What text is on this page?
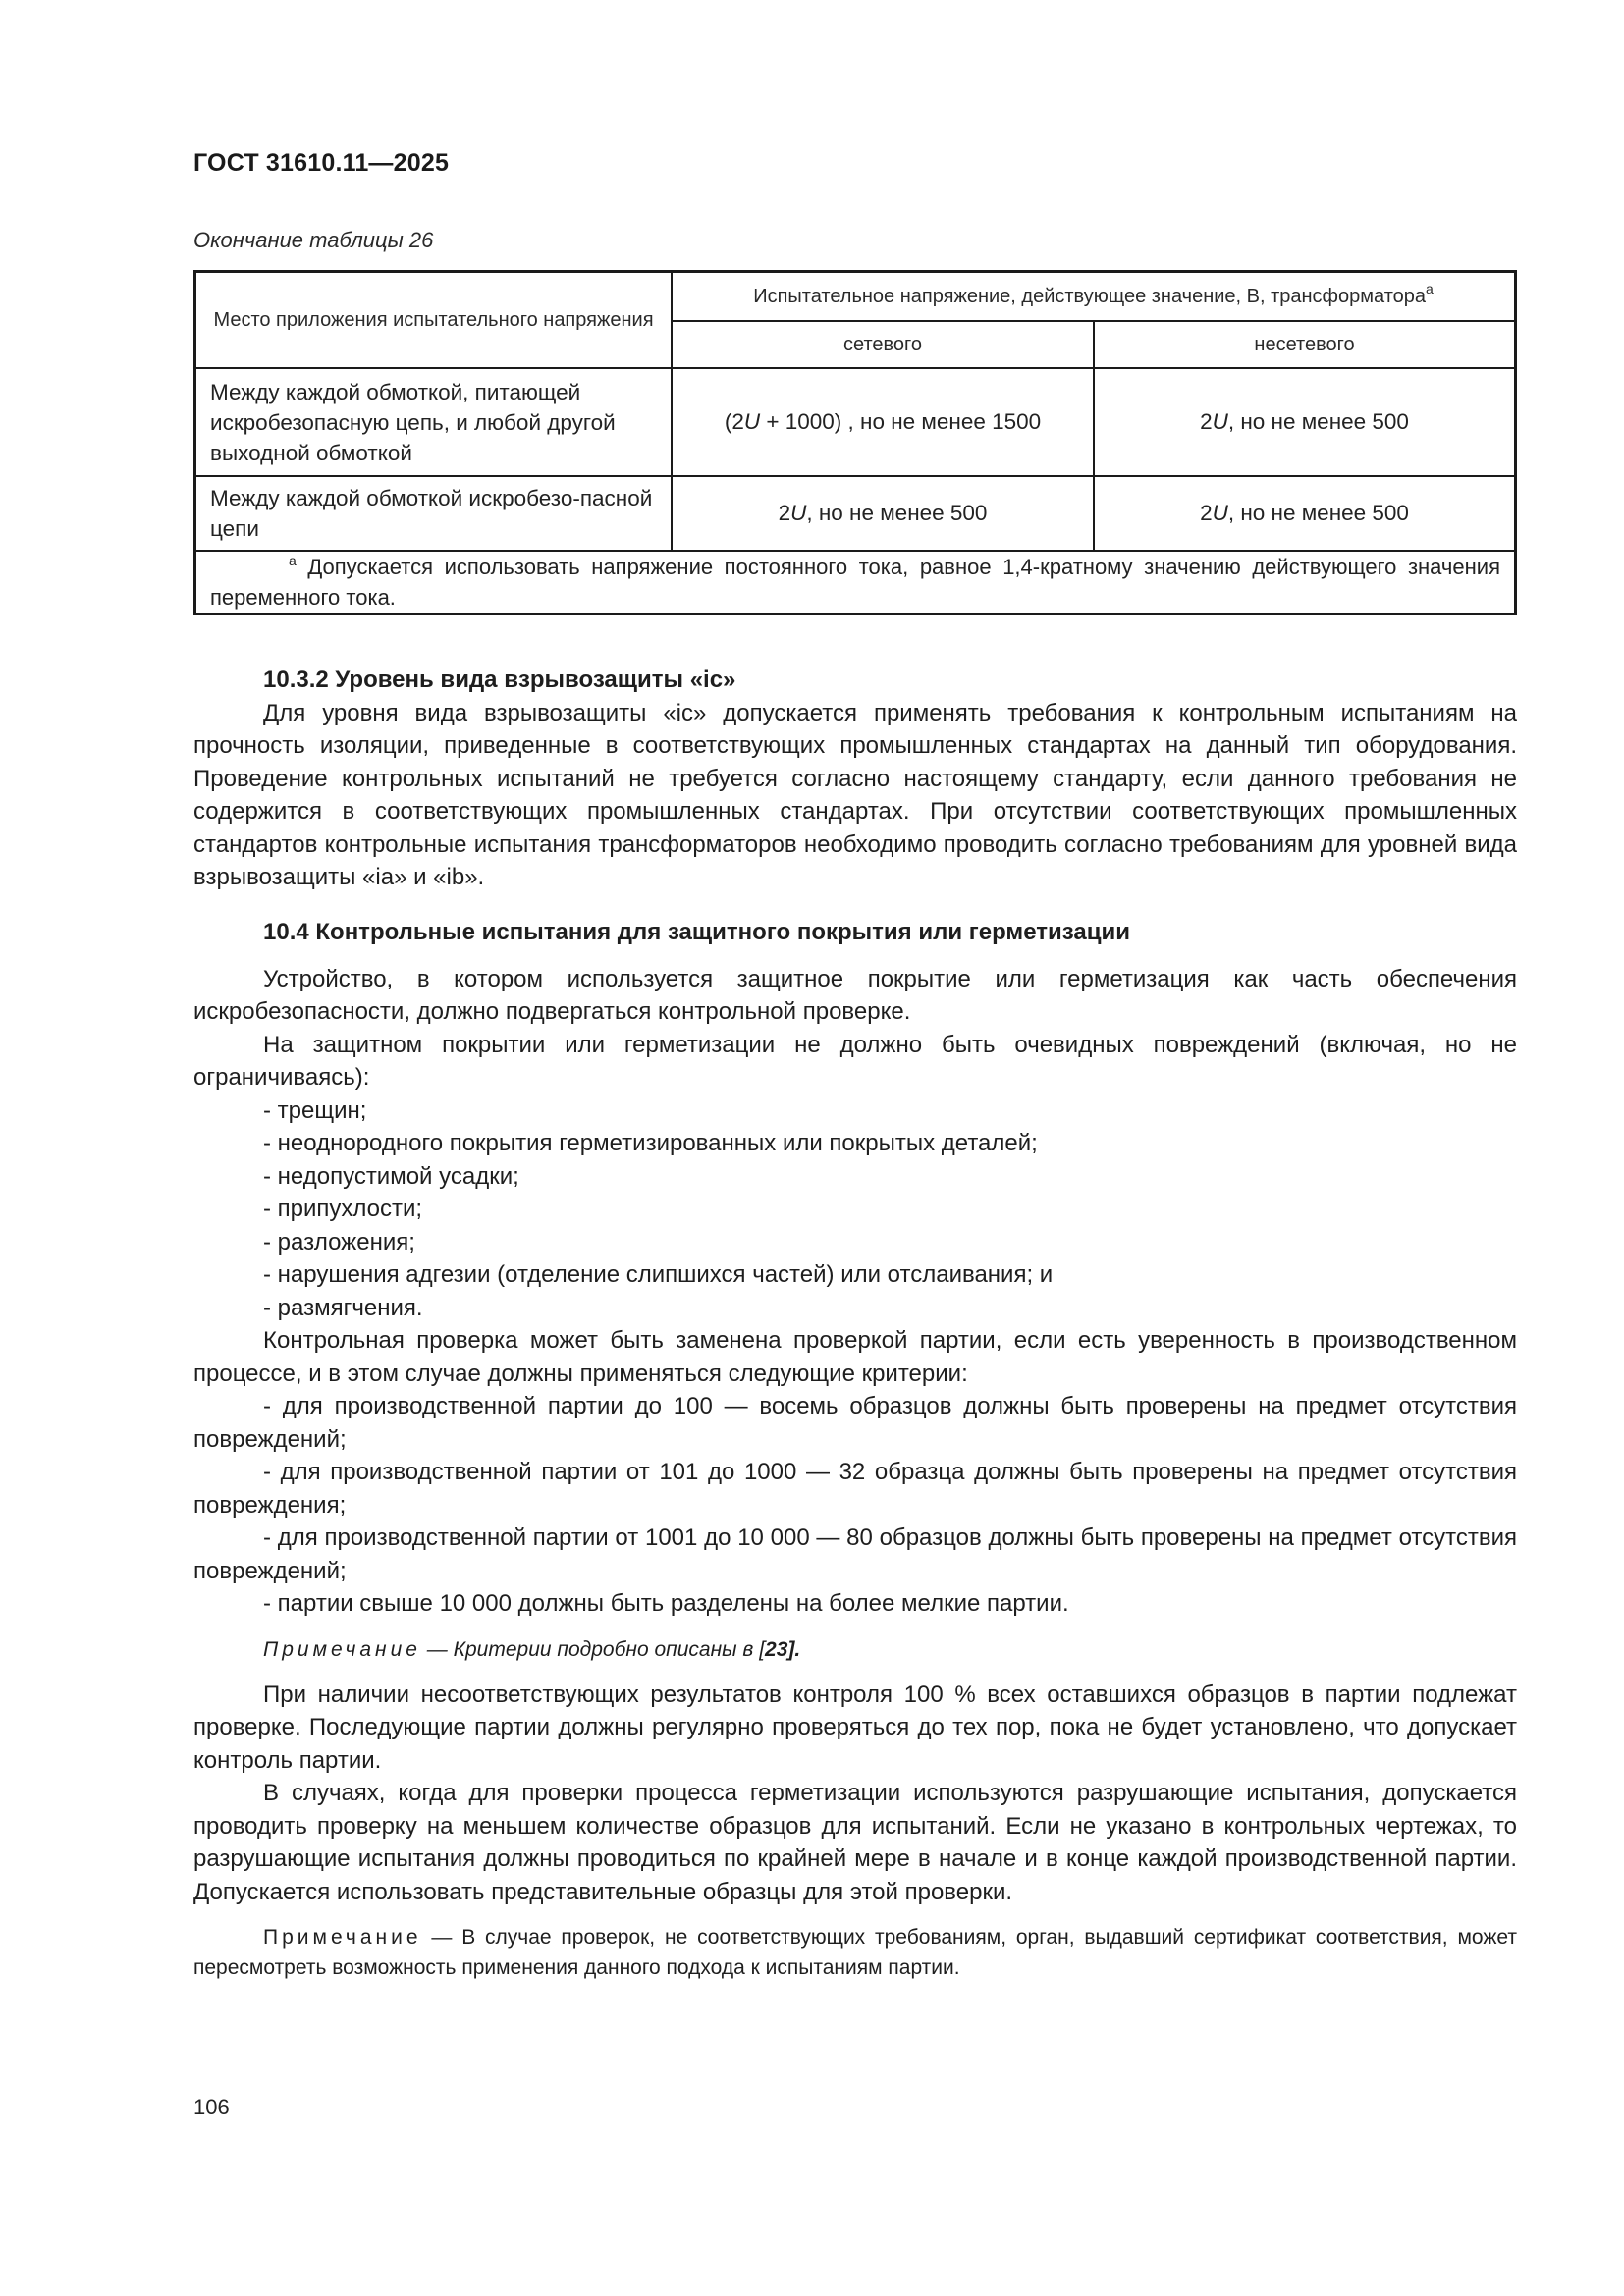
ГОСТ 31610.11—2025
Окончание таблицы 26
Место приложения испытательного напряжения	Испытательное напряжение, действующее значение, В, трансформатора$^a$
	сетевого	несетевого
Между каждой обмоткой, питающей искробезопасную цепь, и любой другой выходной обмоткой	(2U + 1000) , но не менее 1500	2U, но не менее 500
Между каждой обмоткой искробезо-пасной цепи	2U, но не менее 500	2U, но не менее 500
$^a$ Допускается использовать напряжение постоянного тока, равное 1,4-кратному значению действующего значения переменного тока.		

10.3.2 Уровень вида взрывозащиты «ic»

Для уровня вида взрывозащиты «ic» допускается применять требования к контрольным испытаниям на прочность изоляции, приведенные в соответствующих промышленных стандартах на данный тип оборудования. Проведение контрольных испытаний не требуется согласно настоящему стандарту, если данного требования не содержится в соответствующих промышленных стандартах. При отсутствии соответствующих промышленных стандартов контрольные испытания трансформаторов необходимо проводить согласно требованиям для уровней вида взрывозащиты «ia» и «ib».

10.4 Контрольные испытания для защитного покрытия или герметизации

Устройство, в котором используется защитное покрытие или герметизация как часть обеспечения искробезопасности, должно подвергаться контрольной проверке.

На защитном покрытии или герметизации не должно быть очевидных повреждений (включая, но не ограничиваясь):

- трещин;

- неоднородного покрытия герметизированных или покрытых деталей;

- недопустимой усадки;

- припухлости;

- разложения;

- нарушения адгезии (отделение слипшихся частей) или отслаивания; и

- размягчения.

Контрольная проверка может быть заменена проверкой партии, если есть уверенность в производственном процессе, и в этом случае должны применяться следующие критерии:

- для производственной партии до 100 — восемь образцов должны быть проверены на предмет отсутствия повреждений;

- для производственной партии от 101 до 1000 — 32 образца должны быть проверены на предмет отсутствия повреждения;

- для производственной партии от 1001 до 10 000 — 80 образцов должны быть проверены на предмет отсутствия повреждений;

- партии свыше 10 000 должны быть разделены на более мелкие партии.

Примечание — Критерии подробно описаны в [23].

При наличии несоответствующих результатов контроля 100 % всех оставшихся образцов в партии подлежат проверке. Последующие партии должны регулярно проверяться до тех пор, пока не будет установлено, что допускает контроль партии.

В случаях, когда для проверки процесса герметизации используются разрушающие испытания, допускается проводить проверку на меньшем количестве образцов для испытаний. Если не указано в контрольных чертежах, то разрушающие испытания должны проводиться по крайней мере в начале и в конце каждой производственной партии. Допускается использовать представительные образцы для этой проверки.

Примечание — В случае проверок, не соответствующих требованиям, орган, выдавший сертификат соответствия, может пересмотреть возможность применения данного подхода к испытаниям партии.

106
